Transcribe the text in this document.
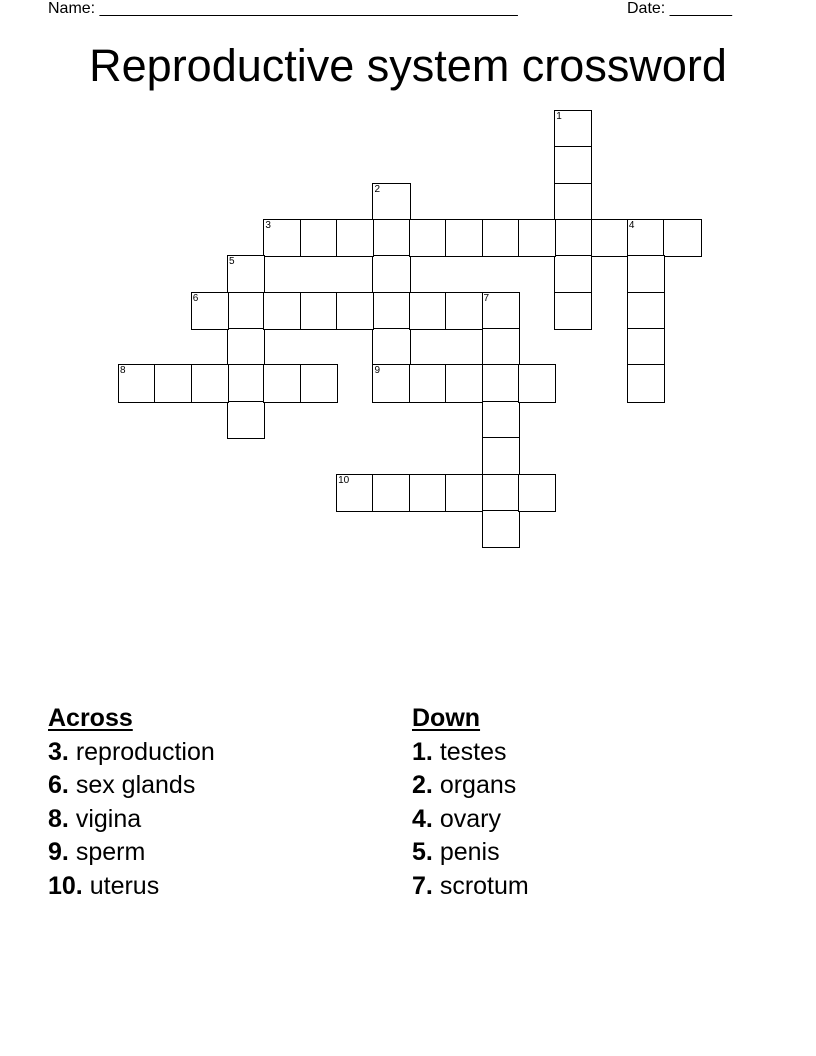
Name: _______________________________________________	Date: _______
Reproductive system crossword
1
2
9
3	4
5
6	7
8
10
Across
3. reproduction
6. sex glands
8. vigina
9. sperm
10. uterus
Down
1. testes
2. organs
4. ovary
5. penis
7. scrotum
